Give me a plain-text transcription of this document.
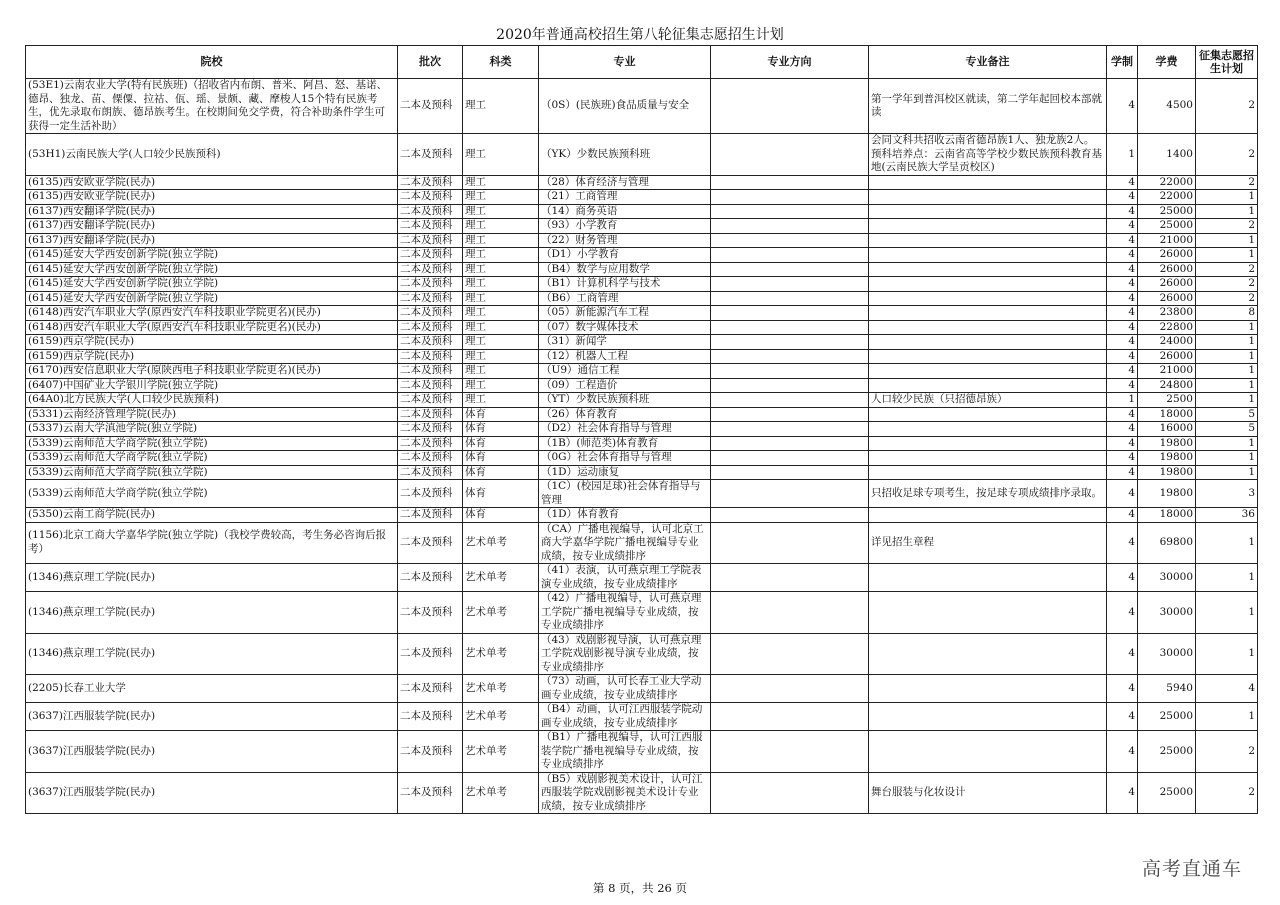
2020年普通高校招生第八轮征集志愿招生计划
院校	批次	科类	专业	专业方向	专业备注	学制	学费	征集志愿招生计划
(53E1)云南农业大学(特有民族班)（招收省内布朗、普米、阿昌、怒、基诺、德昂、独龙、苗、傈僳、拉祜、佤、瑶、景颇、藏、摩梭人15个特有民族考生，优先录取布朗族、德昂族考生。在校期间免交学费，符合补助条件学生可获得一定生活补助）	二本及预科	理工	（0S）(民族班)食品质量与安全		第一学年到普洱校区就读，第二学年起回校本部就读	4	4500	2
(53H1)云南民族大学(人口较少民族预科)	二本及预科	理工	（YK）少数民族预科班		会同文科共招收云南省德昂族1人、独龙族2人。预科培养点：云南省高等学校少数民族预科教育基地(云南民族大学呈贡校区)	1	1400	2
(6135)西安欧亚学院(民办)	二本及预科	理工	（28）体育经济与管理			4	22000	2
(6135)西安欧亚学院(民办)	二本及预科	理工	（21）工商管理			4	22000	1
(6137)西安翻译学院(民办)	二本及预科	理工	（14）商务英语			4	25000	1
(6137)西安翻译学院(民办)	二本及预科	理工	（93）小学教育			4	25000	2
(6137)西安翻译学院(民办)	二本及预科	理工	（22）财务管理			4	21000	1
(6145)延安大学西安创新学院(独立学院)	二本及预科	理工	（D1）小学教育			4	26000	1
(6145)延安大学西安创新学院(独立学院)	二本及预科	理工	（B4）数学与应用数学			4	26000	2
(6145)延安大学西安创新学院(独立学院)	二本及预科	理工	（B1）计算机科学与技术			4	26000	2
(6145)延安大学西安创新学院(独立学院)	二本及预科	理工	（B6）工商管理			4	26000	2
(6148)西安汽车职业大学(原西安汽车科技职业学院更名)(民办)	二本及预科	理工	（05）新能源汽车工程			4	23800	8
(6148)西安汽车职业大学(原西安汽车科技职业学院更名)(民办)	二本及预科	理工	（07）数字媒体技术			4	22800	1
(6159)西京学院(民办)	二本及预科	理工	（31）新闻学			4	24000	1
(6159)西京学院(民办)	二本及预科	理工	（12）机器人工程			4	26000	1
(6170)西安信息职业大学(原陕西电子科技职业学院更名)(民办)	二本及预科	理工	（U9）通信工程			4	21000	1
(6407)中国矿业大学银川学院(独立学院)	二本及预科	理工	（09）工程造价			4	24800	1
(64A0)北方民族大学(人口较少民族预科)	二本及预科	理工	（YT）少数民族预科班		人口较少民族（只招德昂族）	1	2500	1
(5331)云南经济管理学院(民办)	二本及预科	体育	（26）体育教育			4	18000	5
(5337)云南大学滇池学院(独立学院)	二本及预科	体育	（D2）社会体育指导与管理			4	16000	5
(5339)云南师范大学商学院(独立学院)	二本及预科	体育	（1B）(师范类)体育教育			4	19800	1
(5339)云南师范大学商学院(独立学院)	二本及预科	体育	（0G）社会体育指导与管理			4	19800	1
(5339)云南师范大学商学院(独立学院)	二本及预科	体育	（1D）运动康复			4	19800	1
(5339)云南师范大学商学院(独立学院)	二本及预科	体育	（1C）(校园足球)社会体育指导与管理		只招收足球专项考生，按足球专项成绩排序录取。	4	19800	3
(5350)云南工商学院(民办)	二本及预科	体育	（1D）体育教育			4	18000	36
(1156)北京工商大学嘉华学院(独立学院)（我校学费较高，考生务必咨询后报考）	二本及预科	艺术单考	（CA）广播电视编导，认可北京工商大学嘉华学院广播电视编导专业成绩，按专业成绩排序		详见招生章程	4	69800	1
(1346)燕京理工学院(民办)	二本及预科	艺术单考	（41）表演，认可燕京理工学院表演专业成绩，按专业成绩排序			4	30000	1
(1346)燕京理工学院(民办)	二本及预科	艺术单考	（42）广播电视编导，认可燕京理工学院广播电视编导专业成绩，按专业成绩排序			4	30000	1
(1346)燕京理工学院(民办)	二本及预科	艺术单考	（43）戏剧影视导演，认可燕京理工学院戏剧影视导演专业成绩，按专业成绩排序			4	30000	1
(2205)长春工业大学	二本及预科	艺术单考	（73）动画，认可长春工业大学动画专业成绩，按专业成绩排序			4	5940	4
(3637)江西服装学院(民办)	二本及预科	艺术单考	（B4）动画，认可江西服装学院动画专业成绩，按专业成绩排序			4	25000	1
(3637)江西服装学院(民办)	二本及预科	艺术单考	（B1）广播电视编导，认可江西服装学院广播电视编导专业成绩，按专业成绩排序			4	25000	2
(3637)江西服装学院(民办)	二本及预科	艺术单考	（B5）戏剧影视美术设计，认可江西服装学院戏剧影视美术设计专业成绩，按专业成绩排序		舞台服装与化妆设计	4	25000	2
第 8 页，共 26 页
高考直通车
